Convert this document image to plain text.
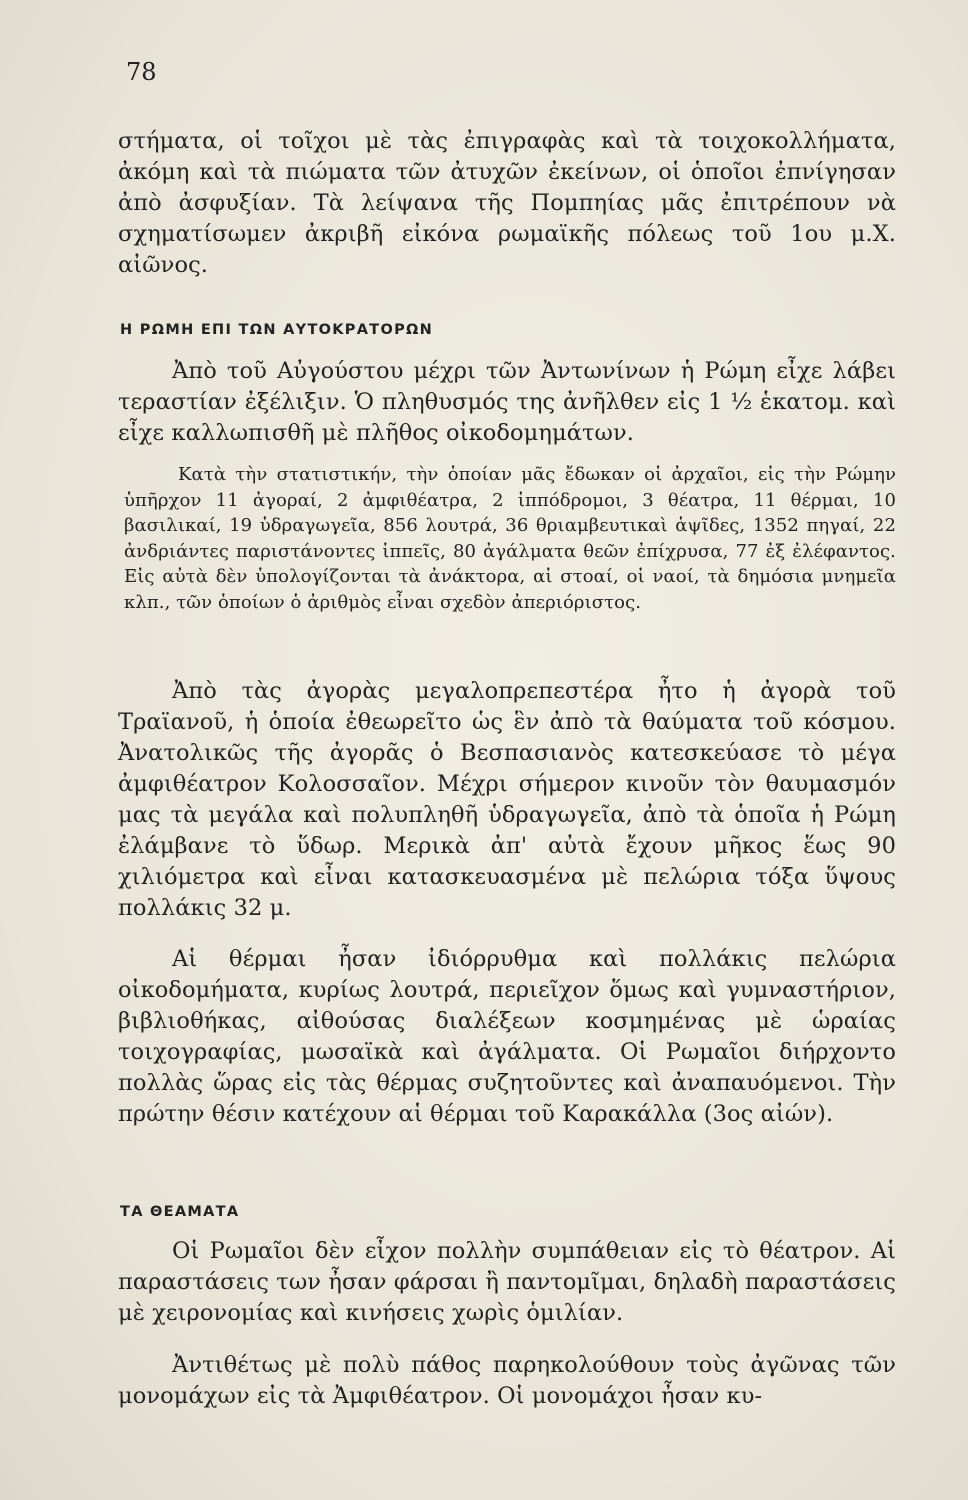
78

στήματα, οἱ τοῖχοι μὲ τὰς ἐπιγραφὰς καὶ τὰ τοιχοκολλήματα, ἀκόμη καὶ τὰ πιώματα τῶν ἀτυχῶν ἐκείνων, οἱ ὁποῖοι ἐπνίγησαν ἀπὸ ἀσφυξίαν. Τὰ λείψανα τῆς Πομπηίας μᾶς ἐπιτρέπουν νὰ σχηματίσωμεν ἀκριβῆ εἰκόνα ρωμαϊκῆς πόλεως τοῦ 1ου μ.Χ. αἰῶνος.

Η ΡΩΜΗ ΕΠΙ ΤΩΝ ΑΥΤΟΚΡΑΤΟΡΩΝ

Ἀπὸ τοῦ Αὐγούστου μέχρι τῶν Ἀντωνίνων ἡ Ρώμη εἶχε λάβει τεραστίαν ἐξέλιξιν. Ὁ πληθυσμός της ἀνῆλθεν εἰς 1 ½ ἑκατομ. καὶ εἶχε καλλωπισθῆ μὲ πλῆθος οἰκοδομημάτων.

Κατὰ τὴν στατιστικήν, τὴν ὁποίαν μᾶς ἔδωκαν οἱ ἀρχαῖοι, εἰς τὴν Ρώμην ὑπῆρχον 11 ἀγοραί, 2 ἀμφιθέατρα, 2 ἱππόδρομοι, 3 θέατρα, 11 θέρμαι, 10 βασιλικαί, 19 ὑδραγωγεῖα, 856 λουτρά, 36 θριαμβευτικαὶ ἁψῖδες, 1352 πηγαί, 22 ἀνδριάντες παριστάνοντες ἱππεῖς, 80 ἀγάλματα θεῶν ἐπίχρυσα, 77 ἐξ ἐλέφαντος. Εἰς αὐτὰ δὲν ὑπολογίζονται τὰ ἀνάκτορα, αἱ στοαί, οἱ ναοί, τὰ δημόσια μνημεῖα κλπ., τῶν ὁποίων ὁ ἀριθμὸς εἶναι σχεδὸν ἀπεριόριστος.

Ἀπὸ τὰς ἀγορὰς μεγαλοπρεπεστέρα ἦτο ἡ ἀγορὰ τοῦ Τραϊανοῦ, ἡ ὁποία ἐθεωρεῖτο ὡς ἓν ἀπὸ τὰ θαύματα τοῦ κόσμου. Ἀνατολικῶς τῆς ἀγορᾶς ὁ Βεσπασιανὸς κατεσκεύασε τὸ μέγα ἀμφιθέατρον Κολοσσαῖον. Μέχρι σήμερον κινοῦν τὸν θαυμασμόν μας τὰ μεγάλα καὶ πολυπληθῆ ὑδραγωγεῖα, ἀπὸ τὰ ὁποῖα ἡ Ρώμη ἐλάμβανε τὸ ὕδωρ. Μερικὰ ἀπ' αὐτὰ ἔχουν μῆκος ἕως 90 χιλιόμετρα καὶ εἶναι κατασκευασμένα μὲ πελώρια τόξα ὕψους πολλάκις 32 μ.

Αἱ θέρμαι ἦσαν ἰδιόρρυθμα καὶ πολλάκις πελώρια οἰκοδομήματα, κυρίως λουτρά, περιεῖχον ὅμως καὶ γυμναστήριον, βιβλιοθήκας, αἰθούσας διαλέξεων κοσμημένας μὲ ὡραίας τοιχογραφίας, μωσαϊκὰ καὶ ἀγάλματα. Οἱ Ρωμαῖοι διήρχοντο πολλὰς ὥρας εἰς τὰς θέρμας συζητοῦντες καὶ ἀναπαυόμενοι. Τὴν πρώτην θέσιν κατέχουν αἱ θέρμαι τοῦ Καρακάλλα (3ος αἰών).

ΤΑ ΘΕΑΜΑΤΑ

Οἱ Ρωμαῖοι δὲν εἶχον πολλὴν συμπάθειαν εἰς τὸ θέατρον. Αἱ παραστάσεις των ἦσαν φάρσαι ἢ παντομῖμαι, δηλαδὴ παραστάσεις μὲ χειρονομίας καὶ κινήσεις χωρὶς ὁμιλίαν.

Ἀντιθέτως μὲ πολὺ πάθος παρηκολούθουν τοὺς ἀγῶνας τῶν μονομάχων εἰς τὰ Ἀμφιθέατρον. Οἱ μονομάχοι ἦσαν κυ-
